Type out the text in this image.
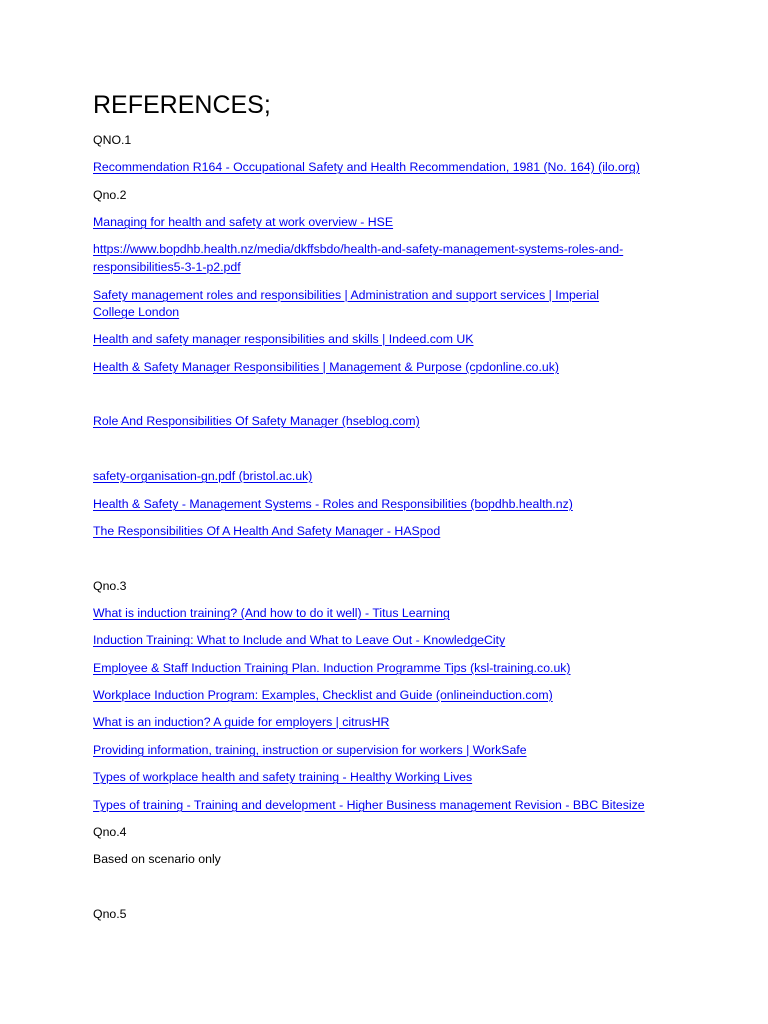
REFERENCES;
QNO.1
Recommendation R164 - Occupational Safety and Health Recommendation, 1981 (No. 164) (ilo.org)
Qno.2
Managing for health and safety at work overview - HSE
https://www.bopdhb.health.nz/media/dkffsbdo/health-and-safety-management-systems-roles-and-
responsibilities5-3-1-p2.pdf
Safety management roles and responsibilities | Administration and support services | Imperial
College London
Health and safety manager responsibilities and skills | Indeed.com UK
Health & Safety Manager Responsibilities | Management & Purpose (cpdonline.co.uk)
Role And Responsibilities Of Safety Manager (hseblog.com)
safety-organisation-gn.pdf (bristol.ac.uk)
Health & Safety - Management Systems - Roles and Responsibilities (bopdhb.health.nz)
The Responsibilities Of A Health And Safety Manager - HASpod
Qno.3
What is induction training? (And how to do it well) - Titus Learning
Induction Training: What to Include and What to Leave Out - KnowledgeCity
Employee & Staff Induction Training Plan. Induction Programme Tips (ksl-training.co.uk)
Workplace Induction Program: Examples, Checklist and Guide (onlineinduction.com)
What is an induction? A guide for employers | citrusHR
Providing information, training, instruction or supervision for workers | WorkSafe
Types of workplace health and safety training - Healthy Working Lives
Types of training - Training and development - Higher Business management Revision - BBC Bitesize
Qno.4
Based on scenario only
Qno.5
